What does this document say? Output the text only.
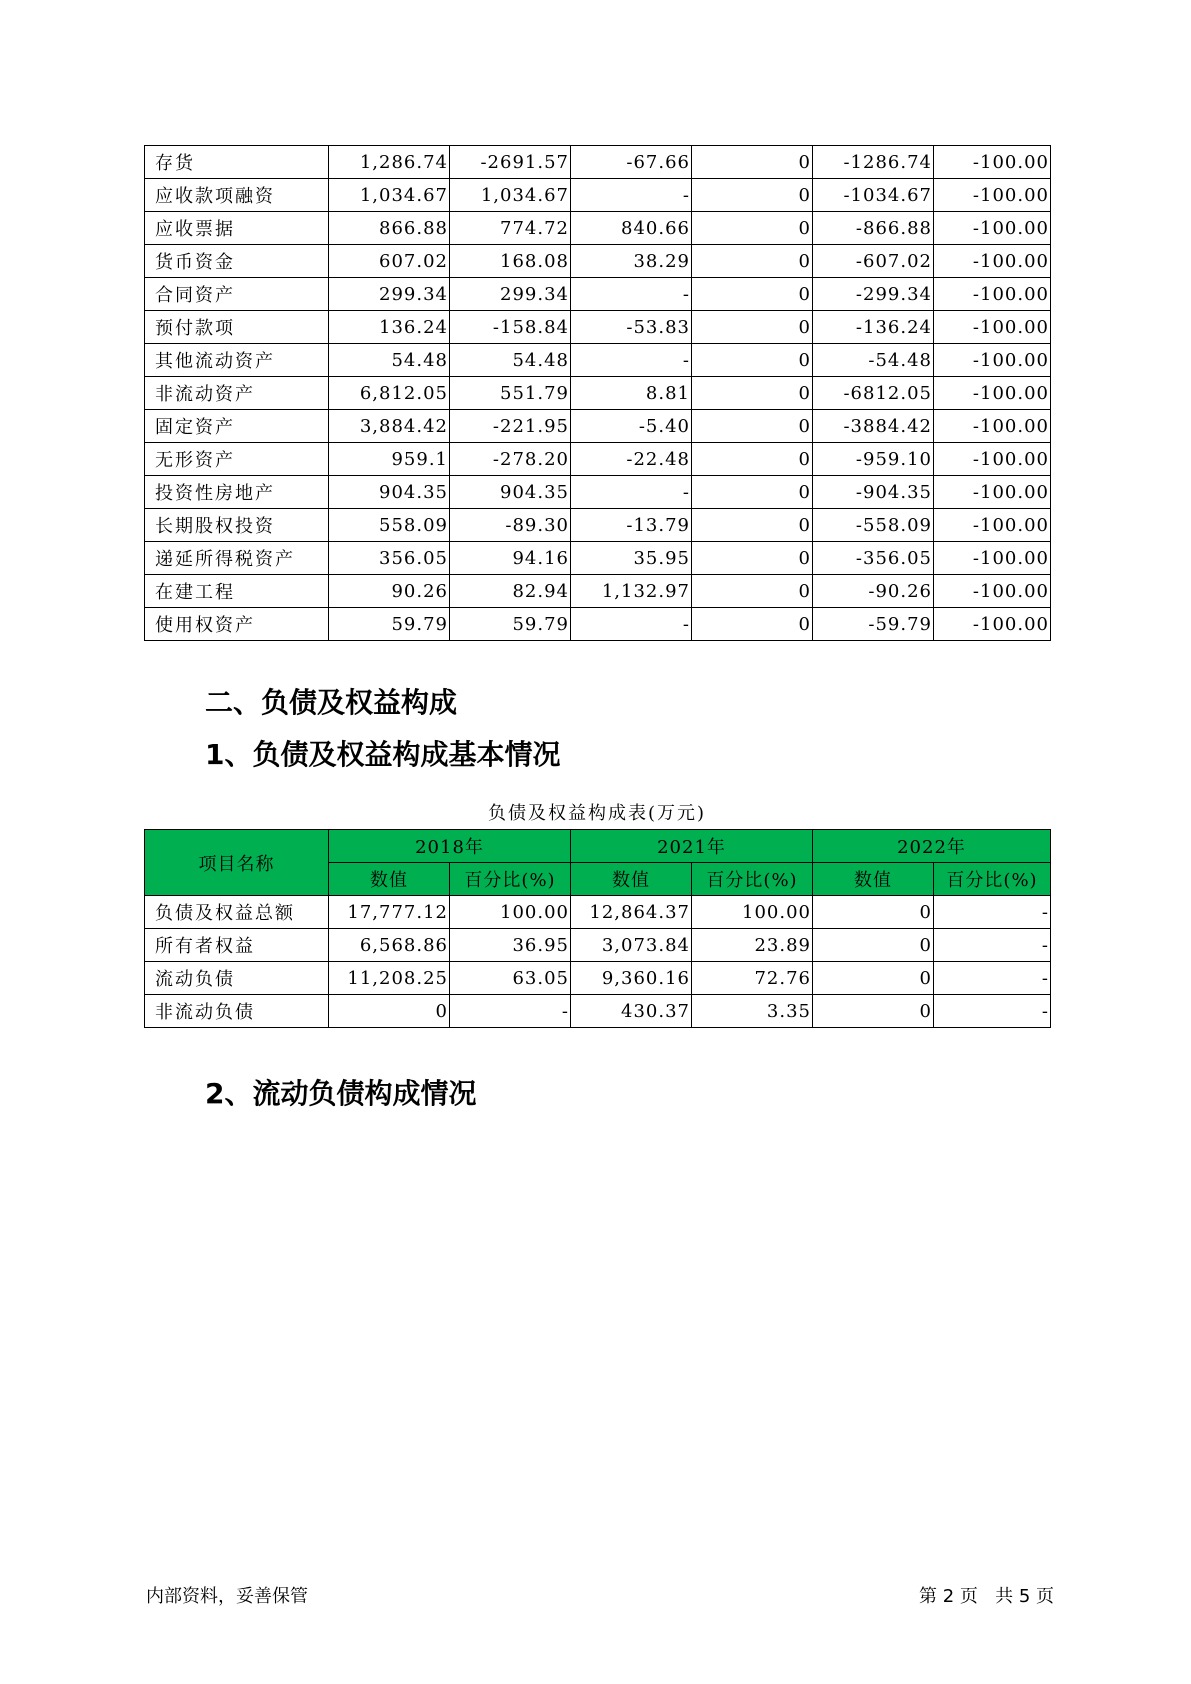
存货	1,286.74	-2691.57	-67.66	0	-1286.74	-100.00
应收款项融资	1,034.67	1,034.67	-	0	-1034.67	-100.00
应收票据	866.88	774.72	840.66	0	-866.88	-100.00
货币资金	607.02	168.08	38.29	0	-607.02	-100.00
合同资产	299.34	299.34	-	0	-299.34	-100.00
预付款项	136.24	-158.84	-53.83	0	-136.24	-100.00
其他流动资产	54.48	54.48	-	0	-54.48	-100.00
非流动资产	6,812.05	551.79	8.81	0	-6812.05	-100.00
固定资产	3,884.42	-221.95	-5.40	0	-3884.42	-100.00
无形资产	959.1	-278.20	-22.48	0	-959.10	-100.00
投资性房地产	904.35	904.35	-	0	-904.35	-100.00
长期股权投资	558.09	-89.30	-13.79	0	-558.09	-100.00
递延所得税资产	356.05	94.16	35.95	0	-356.05	-100.00
在建工程	90.26	82.94	1,132.97	0	-90.26	-100.00
使用权资产	59.79	59.79	-	0	-59.79	-100.00
二、负债及权益构成
1、负债及权益构成基本情况
负债及权益构成表(万元)
项目名称	2018年		2021年		2022年	
	数值	百分比(%)	数值	百分比(%)	数值	百分比(%)
负债及权益总额	17,777.12	100.00	12,864.37	100.00	0	-
所有者权益	6,568.86	36.95	3,073.84	23.89	0	-
流动负债	11,208.25	63.05	9,360.16	72.76	0	-
非流动负债	0	-	430.37	3.35	0	-
2、流动负债构成情况
内部资料，妥善保管	第 2 页   共 5 页
